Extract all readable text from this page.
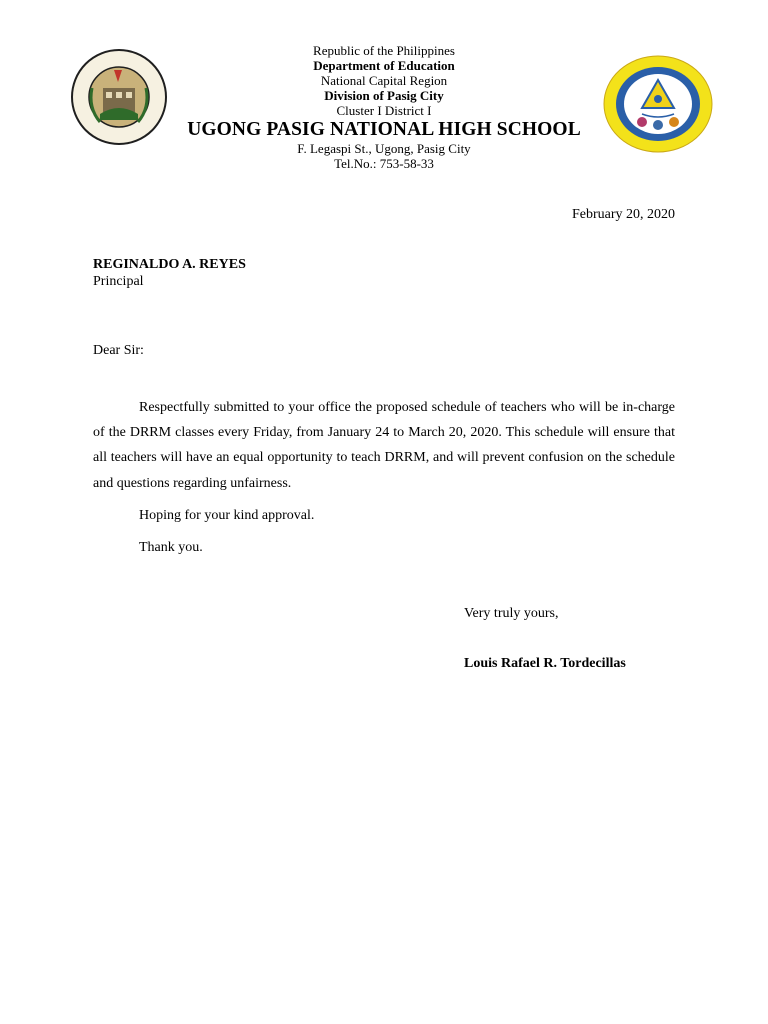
Republic of the Philippines
Department of Education
National Capital Region
Division of Pasig City
Cluster I District I
UGONG PASIG NATIONAL HIGH SCHOOL
F. Legaspi St., Ugong, Pasig City
Tel.No.: 753-58-33
February 20, 2020
REGINALDO A. REYES
Principal
Dear Sir:
Respectfully submitted to your office the proposed schedule of teachers who will be in-charge of the DRRM classes every Friday, from January 24 to March 20, 2020. This schedule will ensure that all teachers will have an equal opportunity to teach DRRM, and will prevent confusion on the schedule and questions regarding unfairness.
Hoping for your kind approval.
Thank you.
Very truly yours,
Louis Rafael R. Tordecillas
